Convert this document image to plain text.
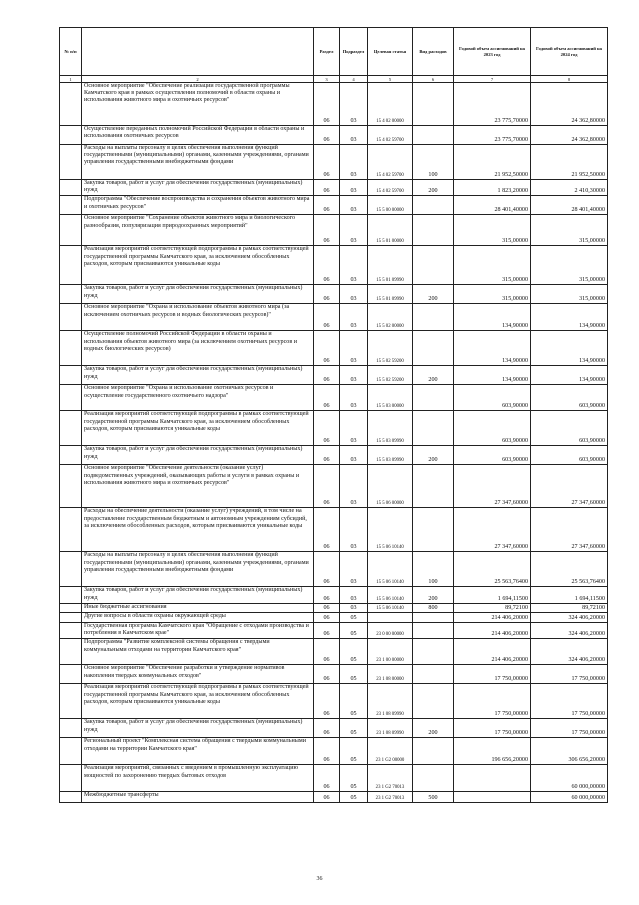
№ п/п		Раздел	Подраздел	Целевая статья	Вид расходов	Годовой объем ассигнований на 2023 год	Годовой объем ассигнований на 2024 год
1	2	3	4	5	6	7	8
	Основное мероприятие "Обеспечение реализации государственной программы Камчатского края в рамках осуществления полномочий в области охраны и использования животного мира и охотничьих ресурсов"	06	03	15 4 02 00000		23 775,70000	24 362,80000
	Осуществление переданных полномочий Российской Федерации в области охраны и использования охотничьих ресурсов	06	03	15 4 02 59700		23 775,70000	24 362,80000
	Расходы на выплаты персоналу в целях обеспечения выполнения функций государственными (муниципальными) органами, казенными учреждениями, органами управления государственными внебюджетными фондами	06	03	15 4 02 59700	100	21 952,50000	21 952,50000
	Закупка товаров, работ и услуг для обеспечения государственных (муниципальных) нужд	06	03	15 4 02 59700	200	1 823,20000	2 410,30000
	Подпрограмма "Обеспечение воспроизводства и сохранения объектов животного мира и охотничьих ресурсов"	06	03	15 5 00 00000		28 401,40000	28 401,40000
	Основное мероприятие "Сохранение объектов животного мира и биологического разнообразия, популяризация природоохранных мероприятий"	06	03	15 5 01 00000		315,00000	315,00000
	Реализация мероприятий соответствующей подпрограммы в рамках соответствующей государственной программы Камчатского края, за исключением обособленных расходов, которым присваиваются уникальные коды	06	03	15 5 01 09990		315,00000	315,00000
	Закупка товаров, работ и услуг для обеспечения государственных (муниципальных) нужд	06	03	15 5 01 09990	200	315,00000	315,00000
	Основное мероприятие "Охрана и использование объектов животного мира (за исключением охотничьих ресурсов и водных биологических ресурсов)"	06	03	15 5 02 00000		134,90000	134,90000
	Осуществление полномочий Российской Федерации в области охраны и использования объектов животного мира (за исключением охотничьих ресурсов и водных биологических ресурсов)	06	03	15 5 02 59200		134,90000	134,90000
	Закупка товаров, работ и услуг для обеспечения государственных (муниципальных) нужд	06	03	15 5 02 59200	200	134,90000	134,90000
	Основное мероприятие "Охрана и использование охотничьих ресурсов и осуществление государственного охотничьего надзора"	06	03	15 5 03 00000		603,90000	603,90000
	Реализация мероприятий соответствующей подпрограммы в рамках соответствующей государственной программы Камчатского края, за исключением обособленных расходов, которым присваиваются уникальные коды	06	03	15 5 03 09990		603,90000	603,90000
	Закупка товаров, работ и услуг для обеспечения государственных (муниципальных) нужд	06	03	15 5 03 09990	200	603,90000	603,90000
	Основное мероприятие "Обеспечение деятельности (оказание услуг) подведомственных учреждений, оказывающих работы и услуги в рамках охраны и использования животного мира и охотничьих ресурсов"	06	03	15 5 06 00000		27 347,60000	27 347,60000
	Расходы на обеспечение деятельности (оказание услуг) учреждений, в том числе на предоставление государственным бюджетным и автономным учреждениям субсидий, за исключением обособленных расходов, которым присваиваются уникальные коды	06	03	15 5 06 10140		27 347,60000	27 347,60000
	Расходы на выплаты персоналу в целях обеспечения выполнения функций государственными (муниципальными) органами, казенными учреждениями, органами управления государственными внебюджетными фондами	06	03	15 5 06 10140	100	25 563,76400	25 563,76400
	Закупка товаров, работ и услуг для обеспечения государственных (муниципальных) нужд	06	03	15 5 06 10140	200	1 694,11500	1 694,11500
	Иные бюджетные ассигнования	06	03	15 5 06 10140	800	89,72100	89,72100
	Другие вопросы в области охраны окружающей среды	06	05			214 406,20000	324 406,20000
	Государственная программа Камчатского края "Обращение с отходами производства и потребления в Камчатском крае"	06	05	23 0 00 00000		214 406,20000	324 406,20000
	Подпрограмма "Развитие комплексной системы обращения с твердыми коммунальными отходами на территории Камчатского края"	06	05	23 1 00 00000		214 406,20000	324 406,20000
	Основное мероприятие "Обеспечение разработки и утверждение нормативов накопления твердых коммунальных отходов"	06	05	23 1 08 00000		17 750,00000	17 750,00000
	Реализация мероприятий соответствующей подпрограммы в рамках соответствующей государственной программы Камчатского края, за исключением обособленных расходов, которым присваиваются уникальные коды	06	05	23 1 08 09990		17 750,00000	17 750,00000
	Закупка товаров, работ и услуг для обеспечения государственных (муниципальных) нужд	06	05	23 1 08 09990	200	17 750,00000	17 750,00000
	Региональный проект "Комплексная система обращения с твердыми коммунальными отходами на территории Камчатского края"	06	05	23 1 G2 00000		196 656,20000	306 656,20000
	Реализация мероприятий, связанных с введением в промышленную эксплуатацию мощностей по захоронению твердых бытовых отходов	06	05	23 1 G2 70013			60 000,00000
	Межбюджетные трансферты	06	05	23 1 G2 70013	500		60 000,00000
36
